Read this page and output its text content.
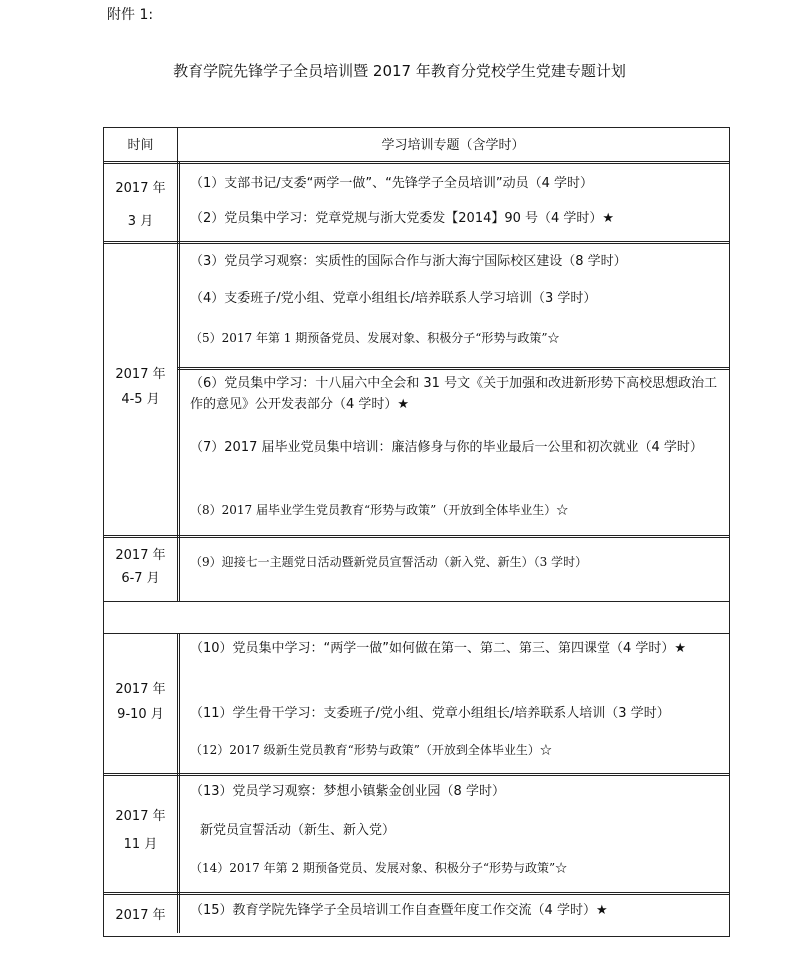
附件 1:
教育学院先锋学子全员培训暨 2017 年教育分党校学生党建专题计划
时间	学习培训专题（含学时）
2017 年
3 月
（1）支部书记/支委“两学一做”、“先锋学子全员培训”动员（4 学时）
（2）党员集中学习：党章党规与浙大党委发【2014】90 号（4 学时）★
2017 年
4-5 月
（3）党员学习观察：实质性的国际合作与浙大海宁国际校区建设（8 学时）
（4）支委班子/党小组、党章小组组长/培养联系人学习培训（3 学时）
（5）2017 年第 1 期预备党员、发展对象、积极分子“形势与政策”☆
（6）党员集中学习：十八届六中全会和 31 号文《关于加强和改进新形势下高校思想政治工作的意见》公开发表部分（4 学时）★
（7）2017 届毕业党员集中培训：廉洁修身与你的毕业最后一公里和初次就业（4 学时）
（8）2017 届毕业学生党员教育“形势与政策”（开放到全体毕业生）☆
2017 年
6-7 月
（9）迎接七一主题党日活动暨新党员宣誓活动（新入党、新生）（3 学时）
2017 年
9-10 月
（10）党员集中学习：“两学一做”如何做在第一、第二、第三、第四课堂（4 学时）★
（11）学生骨干学习：支委班子/党小组、党章小组组长/培养联系人培训（3 学时）
（12）2017 级新生党员教育“形势与政策”（开放到全体毕业生）☆
2017 年
11 月
（13）党员学习观察：梦想小镇紫金创业园（8 学时）
新党员宣誓活动（新生、新入党）
（14）2017 年第 2 期预备党员、发展对象、积极分子“形势与政策”☆
2017 年	（15）教育学院先锋学子全员培训工作自查暨年度工作交流（4 学时）★
